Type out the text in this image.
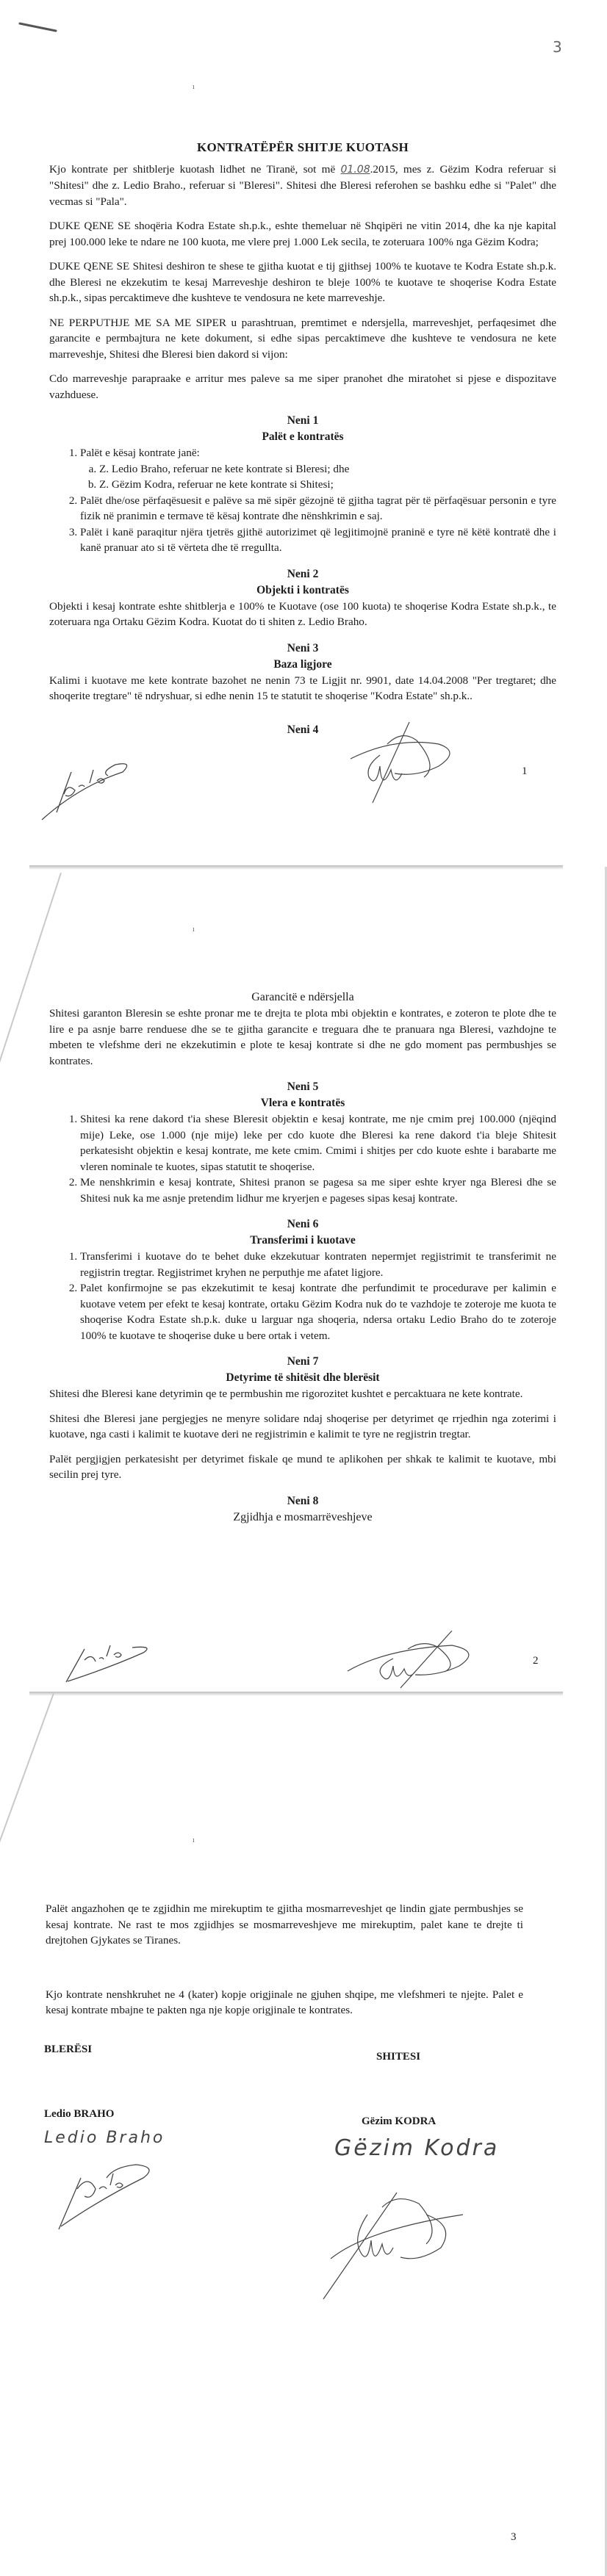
3
ı
KONTRATËPËR SHITJE KUOTASH

Kjo kontrate per shitblerje kuotash lidhet ne Tiranë, sot më 01.08.2015, mes z. Gëzim Kodra referuar si "Shitesi" dhe z. Ledio Braho., referuar si "Bleresi". Shitesi dhe Bleresi referohen se bashku edhe si "Palet" dhe vecmas si "Pala".

DUKE QENE SE shoqëria Kodra Estate sh.p.k., eshte themeluar në Shqipëri ne vitin 2014, dhe ka nje kapital prej 100.000 leke te ndare ne 100 kuota, me vlere prej 1.000 Lek secila, te zoteruara 100% nga Gëzim Kodra;

DUKE QENE SE Shitesi deshiron te shese te gjitha kuotat e tij gjithsej 100% te kuotave te Kodra Estate sh.p.k. dhe Bleresi ne ekzekutim te kesaj Marreveshje deshiron te bleje 100% te kuotave te shoqerise Kodra Estate sh.p.k., sipas percaktimeve dhe kushteve te vendosura ne kete marreveshje.

NE PERPUTHJE ME SA ME SIPER u parashtruan, premtimet e ndersjella, marreveshjet, perfaqesimet dhe garancite e permbajtura ne kete dokument, si edhe sipas percaktimeve dhe kushteve te vendosura ne kete marreveshje, Shitesi dhe Bleresi bien dakord si vijon:

Cdo marreveshje parapraake e arritur mes paleve sa me siper pranohet dhe miratohet si pjese e dispozitave vazhduese.

Neni 1

Palët e kontratës

1. Palët e kësaj kontrate janë:
a. Z. Ledio Braho, referuar ne kete kontrate si Bleresi; dhe
b. Z. Gëzim Kodra, referuar ne kete kontrate si Shitesi;
2. Palët dhe/ose përfaqësuesit e palëve sa më sipër gëzojnë të gjitha tagrat për të përfaqësuar personin e tyre fizik në pranimin e termave të kësaj kontrate dhe nënshkrimin e saj.
3. Palët i kanë paraqitur njëra tjetrës gjithë autorizimet që legjitimojnë praninë e tyre në këtë kontratë dhe i kanë pranuar ato si të vërteta dhe të rregullta.

Neni 2

Objekti i kontratës

Objekti i kesaj kontrate eshte shitblerja e 100% te Kuotave (ose 100 kuota) te shoqerise Kodra Estate sh.p.k., te zoteruara nga Ortaku Gëzim Kodra. Kuotat do ti shiten z. Ledio Braho.

Neni 3

Baza ligjore

Kalimi i kuotave me kete kontrate bazohet ne nenin 73 te Ligjit nr. 9901, date 14.04.2008 "Per tregtaret; dhe shoqerite tregtare" të ndryshuar, si edhe nenin 15 te statutit te shoqerise "Kodra Estate" sh.p.k..

Neni 4

1
ı

Garancitë e ndërsjella

Shitesi garanton Bleresin se eshte pronar me te drejta te plota mbi objektin e kontrates, e zoteron te plote dhe te lire e pa asnje barre renduese dhe se te gjitha garancite e treguara dhe te pranuara nga Bleresi, vazhdojne te mbeten te vlefshme deri ne ekzekutimin e plote te kesaj kontrate si dhe ne gdo moment pas permbushjes se kontrates.

Neni 5

Vlera e kontratës

1. Shitesi ka rene dakord t'ia shese Bleresit objektin e kesaj kontrate, me nje cmim prej 100.000 (njëqind mije) Leke, ose 1.000 (nje mije) leke per cdo kuote dhe Bleresi ka rene dakord t'ia bleje Shitesit perkatesisht objektin e kesaj kontrate, me kete cmim. Cmimi i shitjes per cdo kuote eshte i barabarte me vleren nominale te kuotes, sipas statutit te shoqerise.
2. Me nenshkrimin e kesaj kontrate, Shitesi pranon se pagesa sa me siper eshte kryer nga Bleresi dhe se Shitesi nuk ka me asnje pretendim lidhur me kryerjen e pageses sipas kesaj kontrate.

Neni 6

Transferimi i kuotave

1. Transferimi i kuotave do te behet duke ekzekutuar kontraten nepermjet regjistrimit te transferimit ne regjistrin tregtar. Regjistrimet kryhen ne perputhje me afatet ligjore.
2. Palet konfirmojne se pas ekzekutimit te kesaj kontrate dhe perfundimit te procedurave per kalimin e kuotave vetem per efekt te kesaj kontrate, ortaku Gëzim Kodra nuk do te vazhdoje te zoteroje me kuota te shoqerise Kodra Estate sh.p.k. duke u larguar nga shoqeria, ndersa ortaku Ledio Braho do te zoteroje 100% te kuotave te shoqerise duke u bere ortak i vetem.

Neni 7

Detyrime të shitësit dhe blerësit

Shitesi dhe Bleresi kane detyrimin qe te permbushin me rigorozitet kushtet e percaktuara ne kete kontrate.

Shitesi dhe Bleresi jane pergjegjes ne menyre solidare ndaj shoqerise per detyrimet qe rrjedhin nga zoterimi i kuotave, nga casti i kalimit te kuotave deri ne regjistrimin e kalimit te tyre ne regjistrin tregtar.

Palët pergjigjen perkatesisht per detyrimet fiskale qe mund te aplikohen per shkak te kalimit te kuotave, mbi secilin prej tyre.

Neni 8

Zgjidhja e mosmarrëveshjeve

2
ı

Palët angazhohen qe te zgjidhin me mirekuptim te gjitha mosmarreveshjet qe lindin gjate permbushjes se kesaj kontrate. Ne rast te mos zgjidhjes se mosmarreveshjeve me mirekuptim, palet kane te drejte ti drejtohen Gjykates se Tiranes.

Kjo kontrate nenshkruhet ne 4 (kater) kopje origjinale ne gjuhen shqipe, me vlefshmeri te njejte. Palet e kesaj kontrate mbajne te pakten nga nje kopje origjinale te kontrates.

BLERËSI
Ledio BRAHO
Ledio Braho
SHITESI
Gëzim KODRA
Gëzim Kodra
3
